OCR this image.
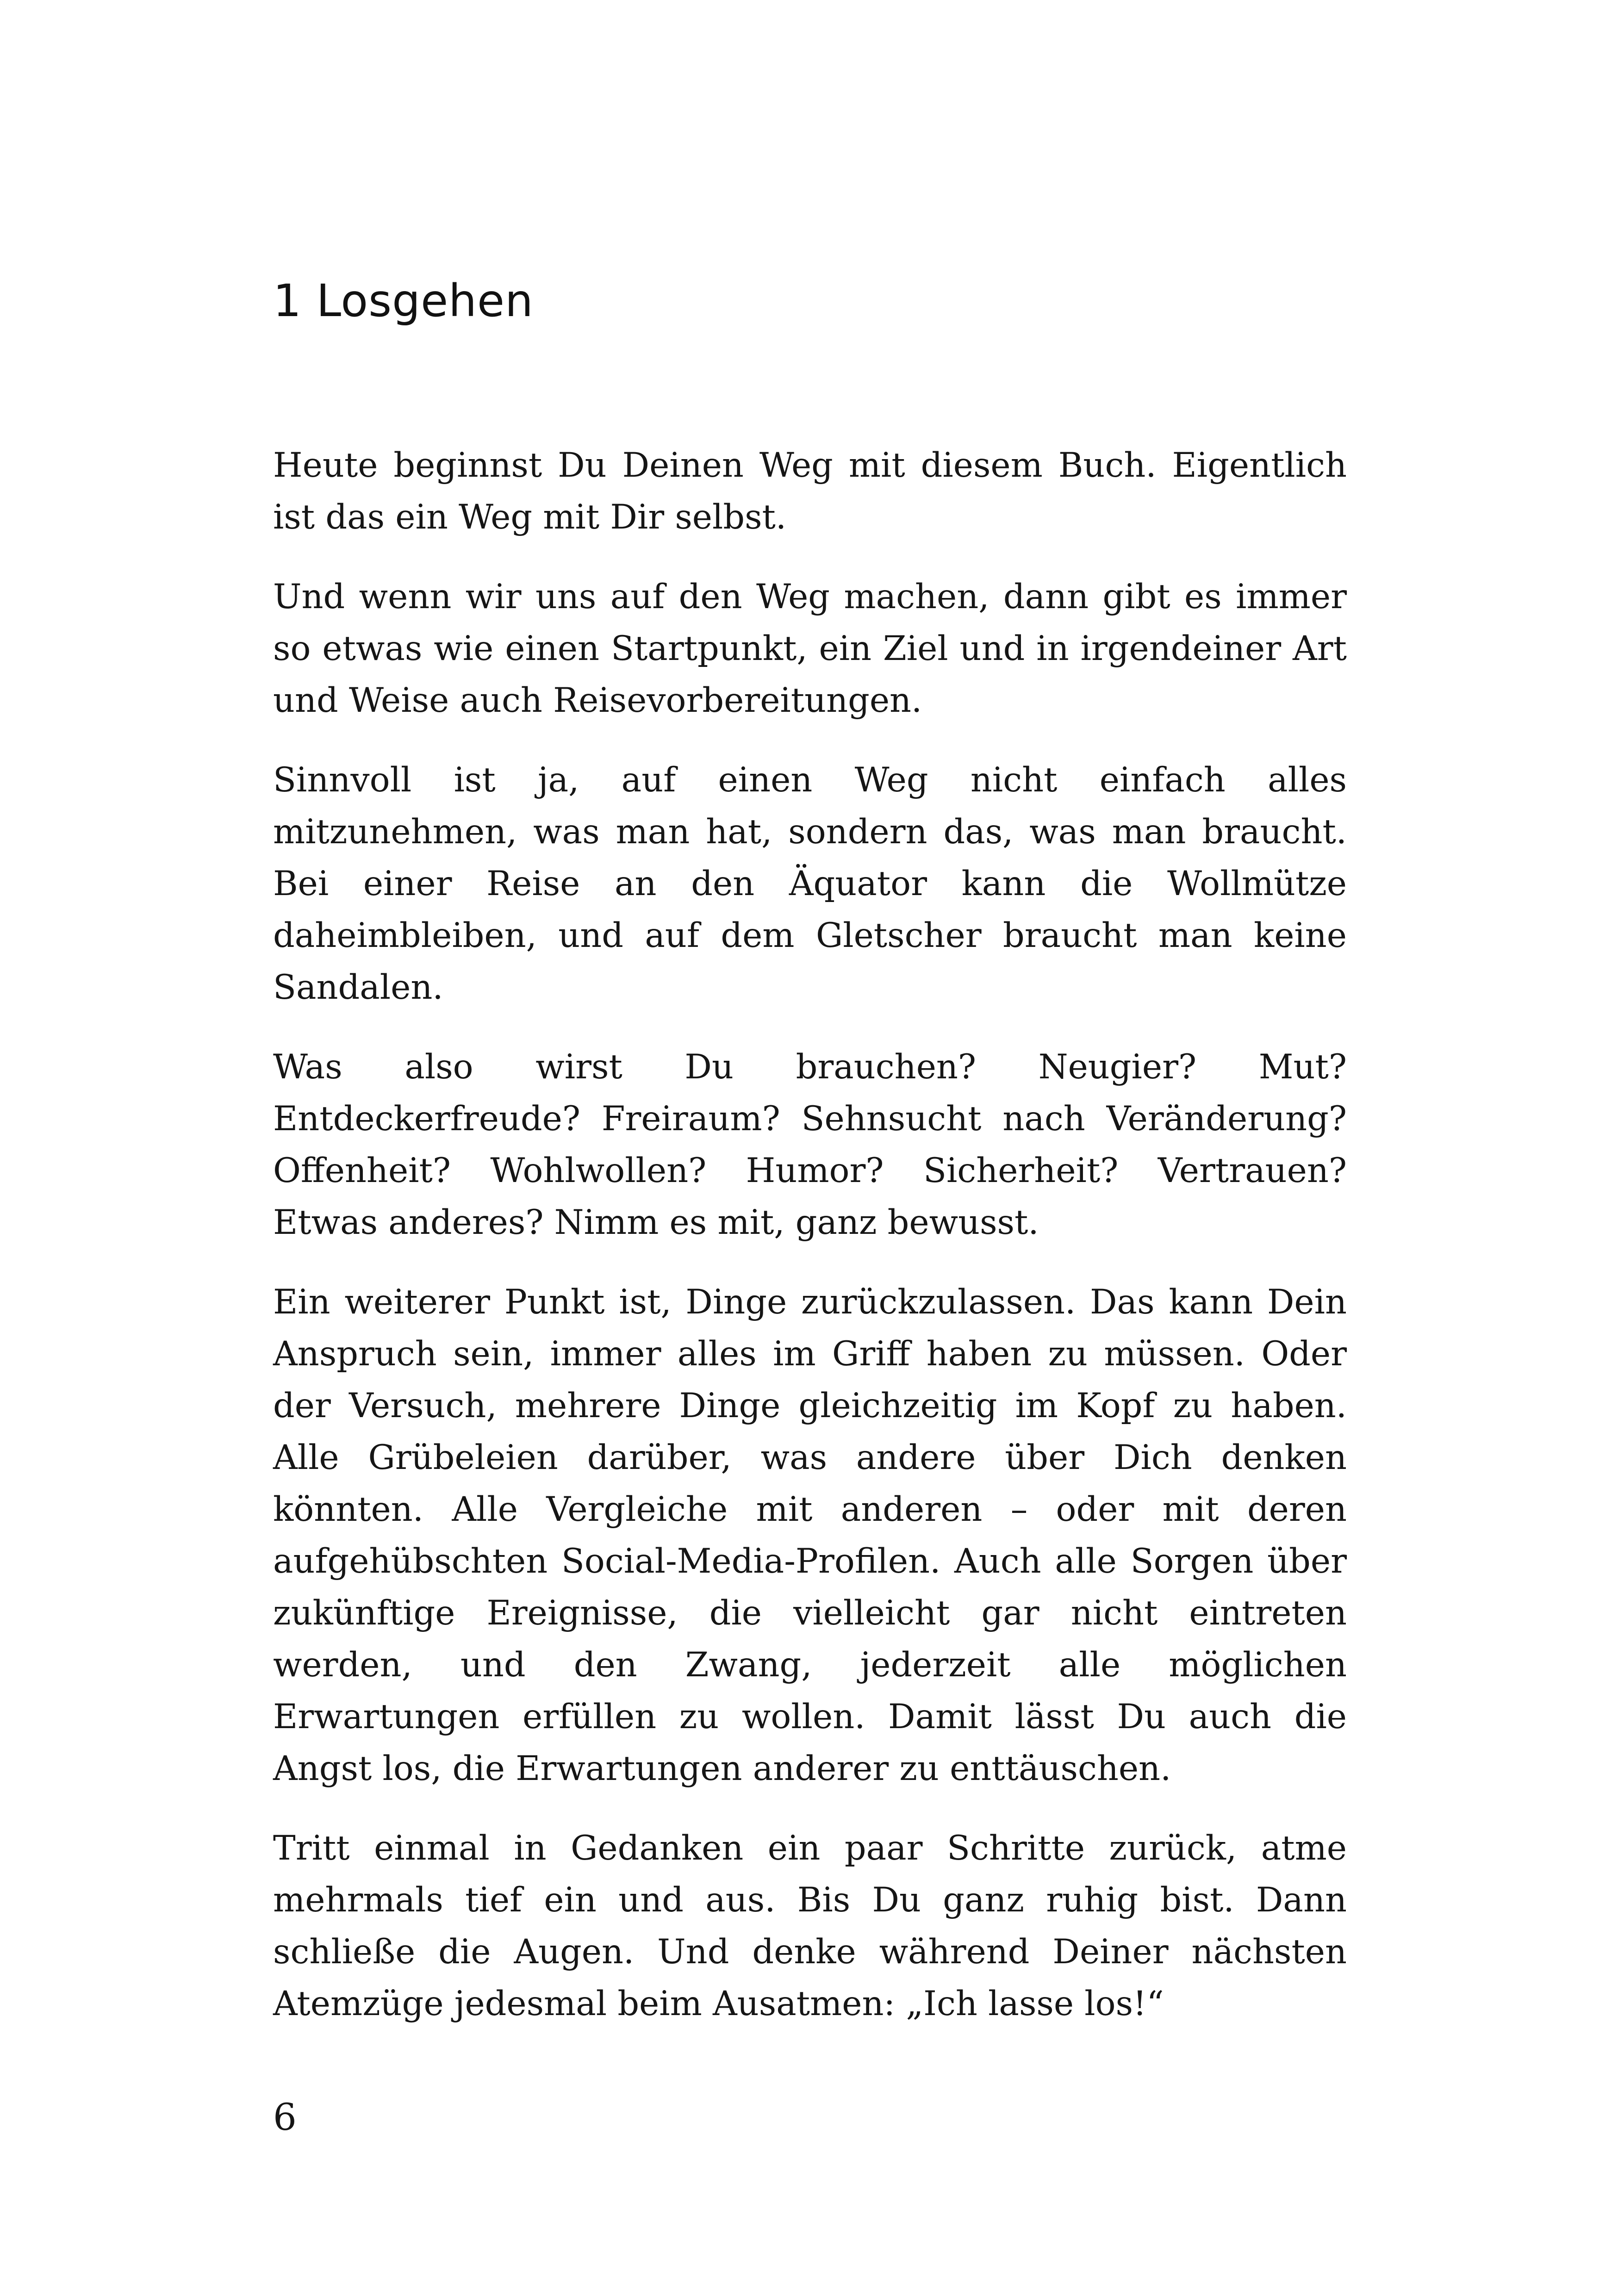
1 Losgehen

Heute beginnst Du Deinen Weg mit diesem Buch. Eigentlich ist das ein Weg mit Dir selbst.

Und wenn wir uns auf den Weg machen, dann gibt es immer so etwas wie einen Startpunkt, ein Ziel und in irgendeiner Art und Weise auch Reisevorbereitungen.

Sinnvoll ist ja, auf einen Weg nicht einfach alles mitzunehmen, was man hat, sondern das, was man braucht. Bei einer Reise an den Äquator kann die Wollmütze daheimbleiben, und auf dem Gletscher braucht man keine Sandalen.

Was also wirst Du brauchen? Neugier? Mut? Entdeckerfreude? Freiraum? Sehnsucht nach Veränderung? Offenheit? Wohlwollen? Humor? Sicherheit? Vertrauen? Etwas anderes? Nimm es mit, ganz bewusst.

Ein weiterer Punkt ist, Dinge zurückzulassen. Das kann Dein Anspruch sein, immer alles im Griff haben zu müssen. Oder der Versuch, mehrere Dinge gleichzeitig im Kopf zu haben. Alle Grübeleien darüber, was andere über Dich denken könnten. Alle Vergleiche mit anderen – oder mit deren aufgehübschten Social-Media-Profilen. Auch alle Sorgen über zukünftige Ereignisse, die vielleicht gar nicht eintreten werden, und den Zwang, jederzeit alle möglichen Erwartungen erfüllen zu wollen. Damit lässt Du auch die Angst los, die Erwartungen anderer zu enttäuschen.

Tritt einmal in Gedanken ein paar Schritte zurück, atme mehrmals tief ein und aus. Bis Du ganz ruhig bist. Dann schließe die Augen. Und denke während Deiner nächsten Atemzüge jedesmal beim Ausatmen: „Ich lasse los!“

6
